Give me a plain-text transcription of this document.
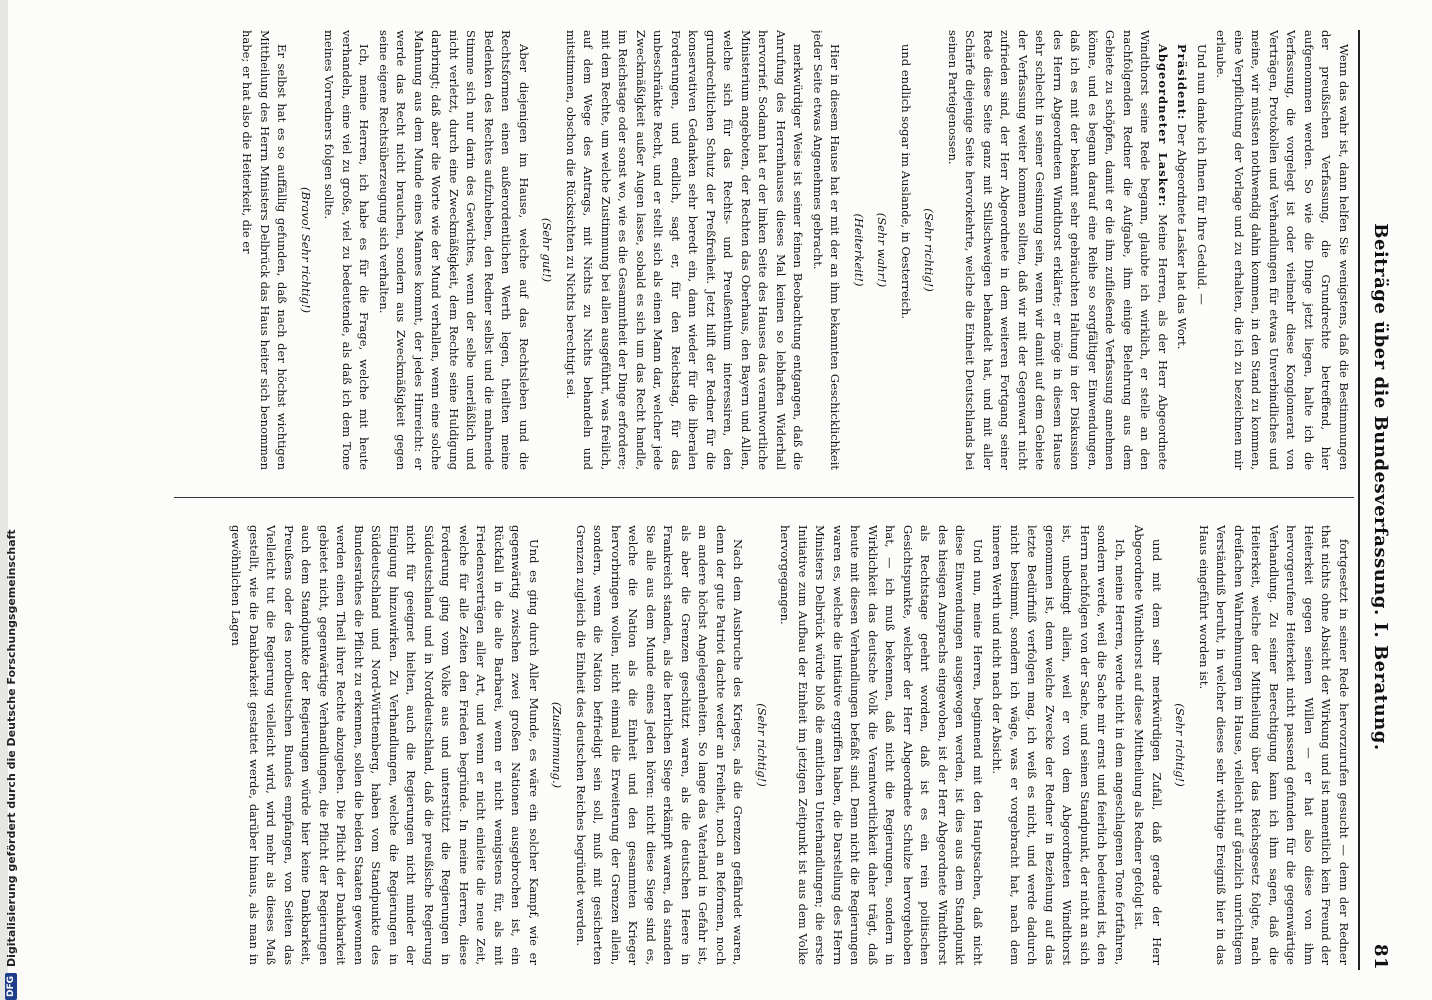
DFG
Digitalisierung gefördert durch die Deutsche Forschungsgemeinschaft	Beiträge über die Bundesverfassung. I. Beratung.
81

Wenn das wahr ist, dann helfen Sie wenigstens, daß die Bestimmungen der preußischen Verfassung, die Grundrechte betreffend, hier aufgenommen werden. So wie die Dinge jetzt liegen, halte ich die Verfassung, die vorgelegt ist oder vielmehr diese Konglomerat von Verträgen, Protokollen und Verhandlungen für etwas Unverbindliches und meine, wir müssten nothwendig dahin kommen, in den Stand zu kommen, eine Verpflichtung der Vorlage und zu erhalten, die ich zu bezeichnen mir erlaube.

Und nun danke ich Ihnen für Ihre Geduld. —

Präsident: Der Abgeordnete Lasker hat das Wort.

Abgeordneter Lasker: Meine Herren, als der Herr Abgeordnete Windthorst seine Rede begann, glaubte ich wirklich, er stelle an den nachfolgenden Redner die Aufgabe, ihm einige Belehrung aus dem Gebiete zu schöpfen, damit er die ihm zufließende Verfassung annehmen könne, und es begann darauf eine Reihe so sorgfältiger Einwendungen, daß ich es mit der bekannt sehr gebräuchten Haltung in der Diskussion des Herrn Abgeordneten Windthorst erklärte; er möge in diesem Hause sehr schlecht in seiner Gesinnung sein, wenn wir damit auf dem Gebiete der Verfassung weiter kommen sollten, daß wir mit der Gegenwart nicht zufrieden sind, der Herr Abgeordnete in dem weiteren Fortgang seiner Rede diese Seite ganz mit Stillschweigen behandelt hat, und mit aller Schärfe diejenige Seite hervorkehrte, welche die Einheit Deutschlands bei seinen Parteigenossen.

(Sehr richtig!)

und endlich sogar im Auslande, in Oesterreich.

(Sehr wahr!)

(Heiterkeit!)

Hier in diesem Hause hat er mit der an ihm bekannten Geschicklichkeit jeder Seite etwas Angenehmes gebracht.

merkwürdiger Weise ist seiner feinen Beobachtung entgangen, daß die Anrufung des Herrenhauses dieses Mal keinen so lebhaften Widerhall hervorrief. Sodann hat er der linken Seite des Hauses das verantwortliche Ministerium angeboten, der Rechten das Oberhaus, den Bayern und Allen, welche sich für das Rechts- und Preußenthum interessiren, den grundrechtlichen Schutz der Preßfreiheit. Jetzt hilft der Redner für die konservativen Gedanken sehr beredt ein, dann wieder für die liberalen Forderungen, und endlich, sagt er, für den Reichstag, für das unbeschränkte Recht, und er stellt sich als einen Mann dar, welcher jede Zweckmäßigkeit außer Augen lasse, sobald es sich um das Recht handle, im Reichstage oder sonst wo, wie es die Gesammtheit der Dinge erfordere; mit dem Rechte, um welche Zustimmung bei allen ausgeführt, was freilich, auf dem Wege des Antrags, mit Nichts zu Nichts behandeln und mitstimmen, obschon die Rücksichten zu Nichts berechtigt sei.

(Sehr gut!)

Aber diejenigen im Hause, welche auf das Rechtsleben und die Rechtsformen einen außerordentlichen Werth legen, theilten meine Bedenken des Rechtes aufzuheben, den Redner selbst und die mahnende Stimme sich nur darin des Gewichtes, wenn der selbe unerläßlich und nicht verletzt, durch eine Zweckmäßigkeit, dem Rechte seine Huldigung darbringt; daß aber die Worte wie der Mund verhallen, wenn eine solche Mahnung aus dem Munde eines Mannes kommt, der jedes Hinreicht: er werde das Recht nicht brauchen, sondern aus Zweckmäßigkeit gegen seine eigene Rechtsüberzeugung sich verhalten.

Ich, meine Herren, ich habe es für die Frage, welche mit heute verhandeln, eine viel zu große, viel zu bedeutende, als daß ich dem Tone meines Vorredners folgen sollte.

(Bravo! Sehr richtig!)

Er selbst hat es so auffällig gefunden, daß nach der höchst wichtigen Mittheilung des Herrn Ministers Delbrück das Haus heiter sich benommen habe; er hat also die Heiterkeit, die er

fortgesetzt in seiner Rede hervorzurufen gesucht — denn der Redner that nichts ohne Absicht der Wirkung und ist namentlich kein Freund der Heiterkeit gegen seinen Willen — er hat also diese von ihm hervorgerufene Heiterkeit nicht passend gefunden für die gegenwärtige Verhandlung. Zu seiner Berechtigung kann ich ihm sagen, daß die Heiterkeit, welche der Mittheilung über das Reichsgesetz folgte, nach dreifachen Wahrnehmungen im Hause, vielleicht auf gänzlich unrichtigem Verständniß beruht, in welcher dieses sehr wichtige Ereigniß hier in das Haus eingeführt worden ist.

(Sehr richtig!)

und mit dem sehr merkwürdigen Zufall, daß gerade der Herr Abgeordnete Windthorst auf diese Mittheilung als Redner gefolgt ist.

Ich, meine Herren, werde nicht in dem angeschlagenen Tone fortfahren, sondern werde, weil die Sache mir ernst und feierlich bedeutend ist, den Herrn nachfolgen von der Sache, und seinen Standpunkt, der nicht an sich ist, unbedingt allein, weil er von dem Abgeordneten Windthorst genommen ist, denn welche Zwecke der Redner in Beziehung auf das letzte Bedürfniß verfolgen mag, ich weiß es nicht, und werde dadurch nicht bestimmt, sondern ich wäge, was er vorgebracht hat, nach dem inneren Werth und nicht nach der Absicht.

Und nun, meine Herren, beginnend mit den Hauptsachen, daß nicht diese Einwendungen ausgewogen werden, ist dies aus dem Standpunkt des hiesigen Ansprachs eingewoben, ist der Herr Abgeordnete Windthorst als Rechtstage geehrt worden, daß ist es ein rein politischen Gesichtspunkte, welcher der Herr Abgeordnete Schulze hervorgehoben hat, — ich muß bekennen, daß nicht die Regierungen, sondern in Wirklichkeit das deutsche Volk die Verantwortlichkeit daher trägt, daß heute mit diesen Verhandlungen befaßt sind. Denn nicht die Regierungen waren es, welche die Initiative ergriffen haben, die Darstellung des Herrn Ministers Delbrück würde bloß die amtlichen Unterhandlungen; die erste Initiative zum Aufbau der Einheit im jetzigen Zeitpunkt ist aus dem Volke hervorgegangen.

(Sehr richtig!)

Nach dem Ausbruche des Krieges, als die Grenzen gefährdet waren, denn der gute Patriot dachte weder an Freiheit, noch an Reformen, noch an andere höchst Angelegenheiten. So lange das Vaterland in Gefahr ist, als aber die Grenzen geschützt waren, als die deutschen Heere in Frankreich standen, als die herrlichen Siege erkämpft waren, da standen Sie alle aus dem Munde eines Jeden hören: nicht diese Siege sind es, welche die Nation als die Einheit und den gesammten Krieger hervorbringen wollen, nicht einmal die Erweiterung der Grenzen allein, sondern, wenn die Nation befriedigt sein soll, muß mit gesicherten Grenzen zugleich die Einheit des deutschen Reiches begründet werden.

(Zustimmung.)

Und es ging durch Aller Munde, es wäre ein solcher Kampf, wie er gegenwärtig zwischen zwei großen Nationen ausgebrochen ist, ein Rückfall in die alte Barbarei, wenn er nicht wenigstens für, als mit Friedensverträgen aller Art, und wenn er nicht einleite die neue Zeit, welche für alle Zeiten den Frieden begründe. In meine Herren, diese Forderung ging vom Volke aus und unterstützt die Regierungen in Süddeutschland und in Norddeutschland, daß die preußische Regierung nicht für geeignet hielten, auch die Regierungen nicht minder der Einigung hinzuwirken. Zu Verhandlungen, welche die Regierungen in Süddeutschland und Nord-Württemberg, haben vom Standpunkte des Bundesrathes die Pflicht zu erkennen, sollen die beiden Staaten gewonnen werden einen Theil ihrer Rechte abzugeben. Die Pflicht der Dankbarkeit gebietet nicht, gegenwärtige Verhandlungen, die Pflicht der Regierungen auch dem Standpunkte der Regierungen würde hier keine Dankbarkeit, Preußens oder des nordbeutschen Bundes empfangen, von Seiten das Vielleicht tut die Regierung vielleicht wird, wird mehr als dieses Maß gestellt, wie die Dankbarkeit gestattet werde, darüber hinaus, als man in gewöhnlichen Lagen
